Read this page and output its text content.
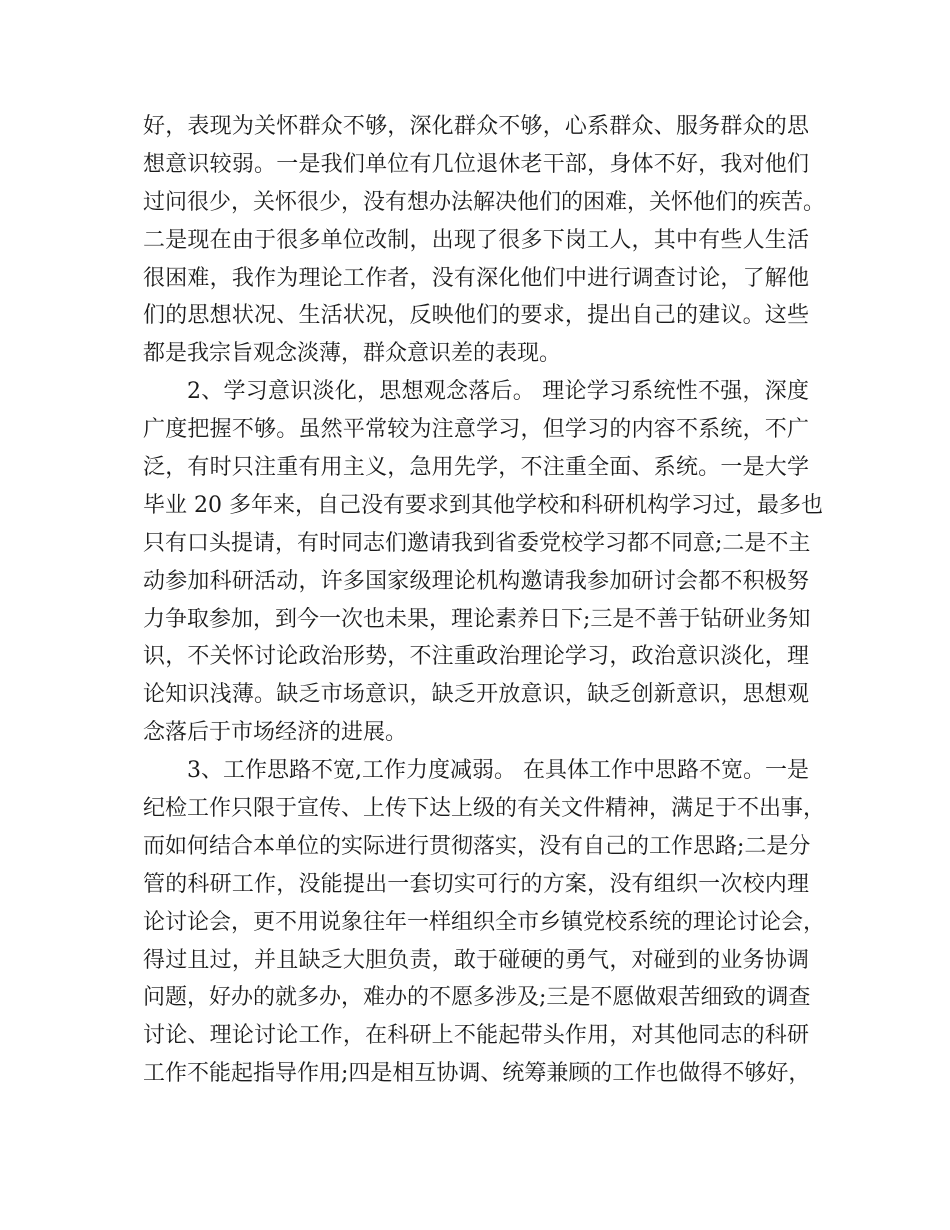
好，表现为关怀群众不够，深化群众不够，心系群众、服务群众的思
想意识较弱。一是我们单位有几位退休老干部，身体不好，我对他们
过问很少，关怀很少，没有想办法解决他们的困难，关怀他们的疾苦。
二是现在由于很多单位改制，出现了很多下岗工人，其中有些人生活
很困难，我作为理论工作者，没有深化他们中进行调查讨论，了解他
们的思想状况、生活状况，反映他们的要求，提出自己的建议。这些
都是我宗旨观念淡薄，群众意识差的表现。
2、学习意识淡化，思想观念落后。 理论学习系统性不强，深度
广度把握不够。虽然平常较为注意学习，但学习的内容不系统，不广
泛，有时只注重有用主义，急用先学，不注重全面、系统。一是大学
毕业 20 多年来，自己没有要求到其他学校和科研机构学习过，最多也
只有口头提请，有时同志们邀请我到省委党校学习都不同意;二是不主
动参加科研活动，许多国家级理论机构邀请我参加研讨会都不积极努
力争取参加，到今一次也未果，理论素养日下;三是不善于钻研业务知
识，不关怀讨论政治形势，不注重政治理论学习，政治意识淡化，理
论知识浅薄。缺乏市场意识，缺乏开放意识，缺乏创新意识，思想观
念落后于市场经济的进展。
3、工作思路不宽,工作力度减弱。 在具体工作中思路不宽。一是
纪检工作只限于宣传、上传下达上级的有关文件精神，满足于不出事，
而如何结合本单位的实际进行贯彻落实，没有自己的工作思路;二是分
管的科研工作，没能提出一套切实可行的方案，没有组织一次校内理
论讨论会，更不用说象往年一样组织全市乡镇党校系统的理论讨论会，
得过且过，并且缺乏大胆负责，敢于碰硬的勇气，对碰到的业务协调
问题，好办的就多办，难办的不愿多涉及;三是不愿做艰苦细致的调查
讨论、理论讨论工作，在科研上不能起带头作用，对其他同志的科研
工作不能起指导作用;四是相互协调、统筹兼顾的工作也做得不够好，
